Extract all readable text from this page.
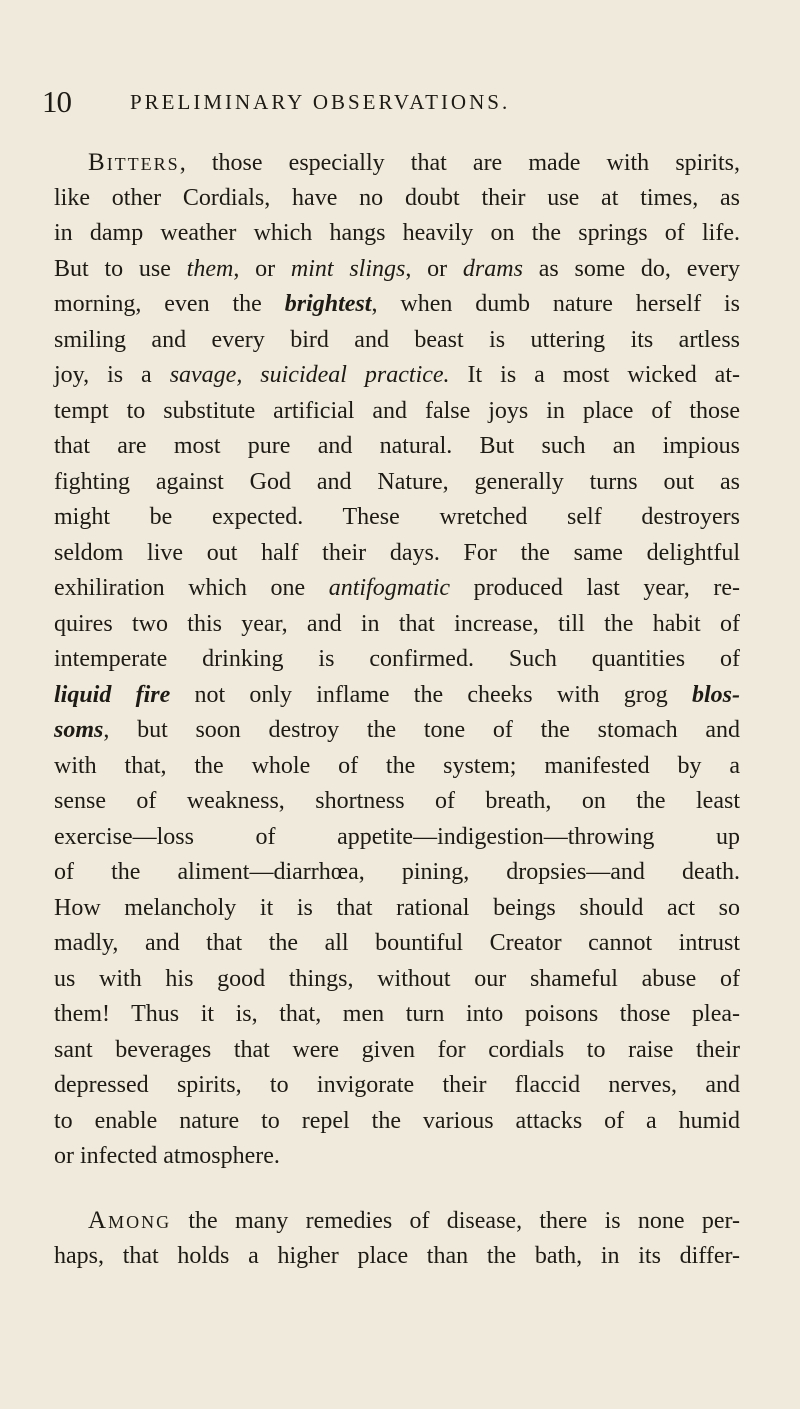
10	PRELIMINARY OBSERVATIONS.
BITTERS, those especially that are made with spirits,
like other Cordials, have no doubt their use at times, as
in damp weather which hangs heavily on the springs of life.
But to use them, or mint slings, or drams as some do, every
morning, even the brightest, when dumb nature herself is
smiling and every bird and beast is uttering its artless
joy, is a savage, suicideal practice. It is a most wicked at-
tempt to substitute artificial and false joys in place of those
that are most pure and natural. But such an impious
fighting against God and Nature, generally turns out as
might be expected. These wretched self destroyers
seldom live out half their days. For the same delightful
exhiliration which one antifogmatic produced last year, re-
quires two this year, and in that increase, till the habit of
intemperate drinking is confirmed. Such quantities of
liquid fire not only inflame the cheeks with grog blos-
soms, but soon destroy the tone of the stomach and
with that, the whole of the system; manifested by a
sense of weakness, shortness of breath, on the least
exercise—loss of appetite—indigestion—throwing up
of the aliment—diarrhœa, pining, dropsies—and death.
How melancholy it is that rational beings should act so
madly, and that the all bountiful Creator cannot intrust
us with his good things, without our shameful abuse of
them! Thus it is, that, men turn into poisons those plea-
sant beverages that were given for cordials to raise their
depressed spirits, to invigorate their flaccid nerves, and
to enable nature to repel the various attacks of a humid
or infected atmosphere.
AMONG the many remedies of disease, there is none per-
haps, that holds a higher place than the bath, in its differ-
